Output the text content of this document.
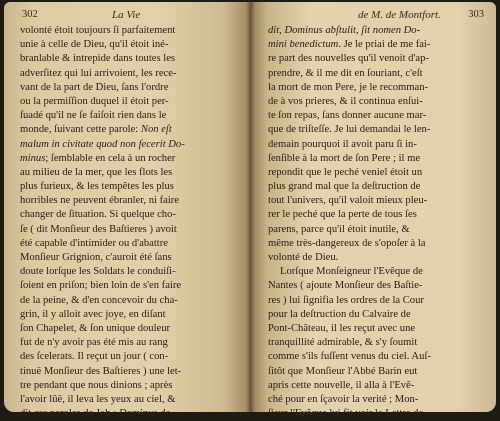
302	La Vie
volonté étoit toujours ſi parfaitement
unie à celle de Dieu, qu'il étoit iné-
branlable & intrepide dans toutes les
adverſitez qui lui arrivoient, les rece-
vant de la part de Dieu, ſans l'ordre
ou la permiſſion duquel il étoit per-
ſuadé qu'il ne ſe faiſoit rien dans le
monde, ſuivant cette parole: Non eſt
malum in civitate quod non fecerit Do-
minus; ſemblable en cela à un rocher
au milieu de la mer, que les flots les
plus furieux, & les tempêtes les plus
horribles ne peuvent ébranler, ni faire
changer de ſituation. Si quelque cho-
ſe ( dit Monſieur des Baſtieres ) avoit
été capable d'intimider ou d'abattre
Monſieur Grignion, c'auroit été ſans
doute lorſque les Soldats le conduiſi-
ſoient en priſon; bien loin de s'en faire
de la peine, & d'en concevoir du cha-
grin, il y alloit avec joye, en diſant
ſon Chapelet, & ſon unique douleur
fut de n'y avoir pas été mis au rang
des ſcelerats. Il reçut un jour ( con-
tinuë Monſieur des Baſtieres ) une let-
tre pendant que nous dinions ; après
l'avoir lûë, il leva les yeux au ciel, &
dit ces paroles de Job : Dominus de-
de M. de Montfort.	303
dit, Dominus abſtulit, ſit nomen Do-
mini benedictum. Je le priai de me fai-
re part des nouvelles qu'il venoit d'ap-
prendre, & il me dit en ſouriant, c'eſt
la mort de mon Pere, je le recomman-
de à vos prieres, & il continua enſui-
te ſon repas, ſans donner aucune mar-
que de triſteſſe. Je lui demandai le len-
demain pourquoi il avoit paru ſi in-
ſenſible à la mort de ſon Pere ; il me
repondit que le peché veniel étoit un
plus grand mal que la deſtruction de
tout l'univers, qu'il valoit mieux pleu-
rer le peché que la perte de tous ſes
parens, parce qu'il étoit inutile, &
même très-dangereux de s'opoſer à la
volonté de Dieu.
Lorſque Monſeigneur l'Evêque de
Nantes ( ajoute Monſieur des Baſtie-
res ) lui ſignifia les ordres de la Cour
pour la deſtruction du Calvaire de
Pont-Château, il les reçut avec une
tranquillité admirable, & s'y ſoumit
comme s'ils fuſſent venus du ciel. Auſ-
ſitôt que Monſieur l'Abbé Barin eut
apris cette nouvelle, il alla à l'Evê-
ché pour en ſçavoir la verité ; Mon-
ſieur l'Evêque lui fit voir la Lettre de
